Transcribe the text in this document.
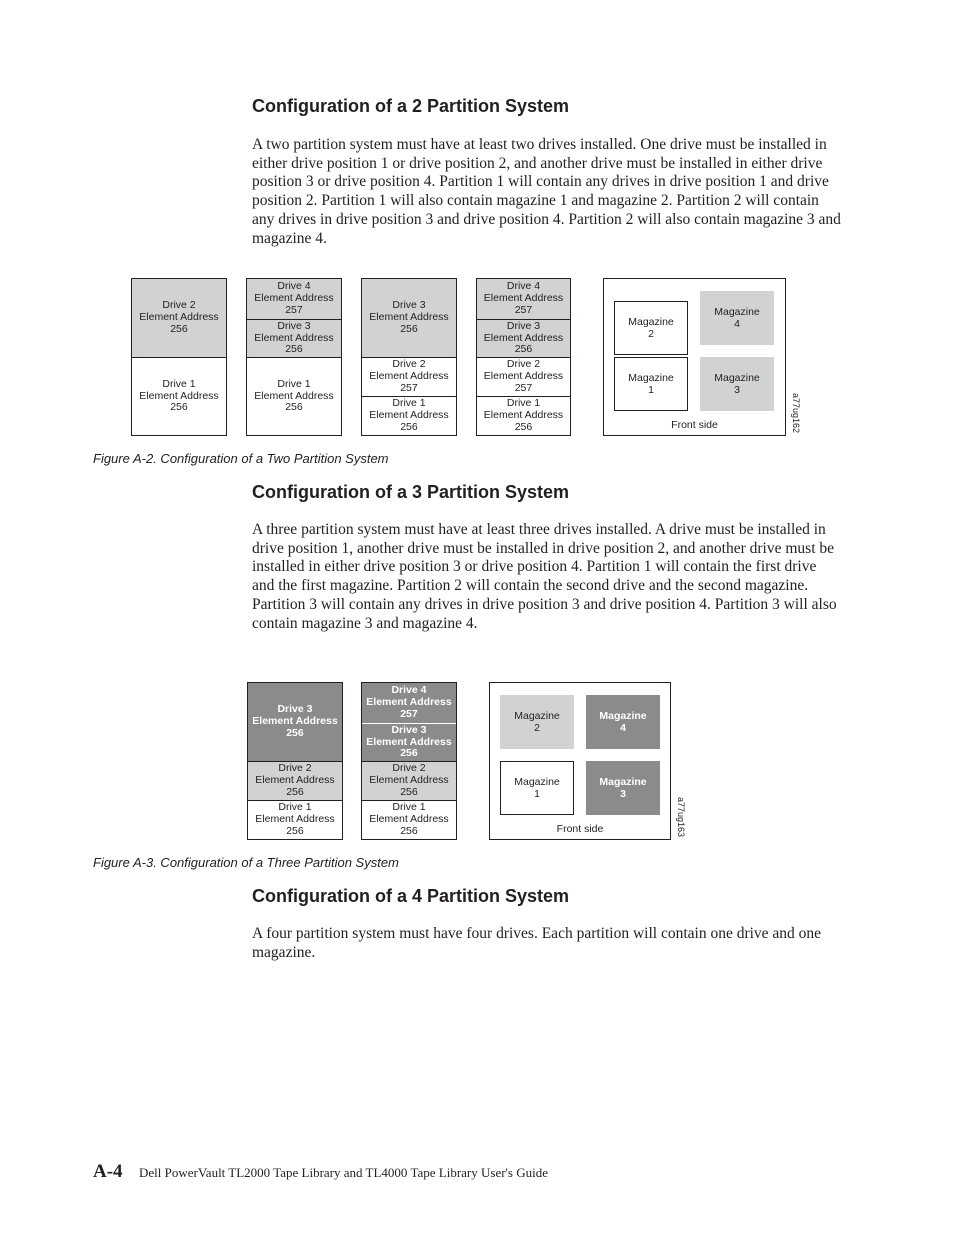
Configuration of a 2 Partition System

A two partition system must have at least two drives installed. One drive must be installed in either drive position 1 or drive position 2, and another drive must be installed in either drive position 3 or drive position 4. Partition 1 will contain any drives in drive position 1 and drive position 2. Partition 1 will also contain magazine 1 and magazine 2. Partition 2 will contain any drives in drive position 3 and drive position 4. Partition 2 will also contain magazine 3 and magazine 4.

Drive 2
Element Address
256
Drive 1
Element Address
256
Drive 4
Element Address
257
Drive 3
Element Address
256
Drive 1
Element Address
256
Drive 3
Element Address
256
Drive 2
Element Address
257
Drive 1
Element Address
256
Drive 4
Element Address
257
Drive 3
Element Address
256
Drive 2
Element Address
257
Drive 1
Element Address
256
Magazine
2
Magazine
4
Magazine
1
Magazine
3
Front side	a77ug162

Figure A-2. Configuration of a Two Partition System

Configuration of a 3 Partition System

A three partition system must have at least three drives installed. A drive must be installed in drive position 1, another drive must be installed in drive position 2, and another drive must be installed in either drive position 3 or drive position 4. Partition 1 will contain the first drive and the first magazine. Partition 2 will contain the second drive and the second magazine. Partition 3 will contain any drives in drive position 3 and drive position 4. Partition 3 will also contain magazine 3 and magazine 4.

Drive 3
Element Address
256
Drive 2
Element Address
256
Drive 1
Element Address
256
Drive 4
Element Address
257
Drive 3
Element Address
256
Drive 2
Element Address
256
Drive 1
Element Address
256
Magazine
2
Magazine
4
Magazine
1
Magazine
3
Front side	a77ug163

Figure A-3. Configuration of a Three Partition System

Configuration of a 4 Partition System

A four partition system must have four drives. Each partition will contain one drive and one magazine.

A-4 Dell PowerVault TL2000 Tape Library and TL4000 Tape Library User's Guide
